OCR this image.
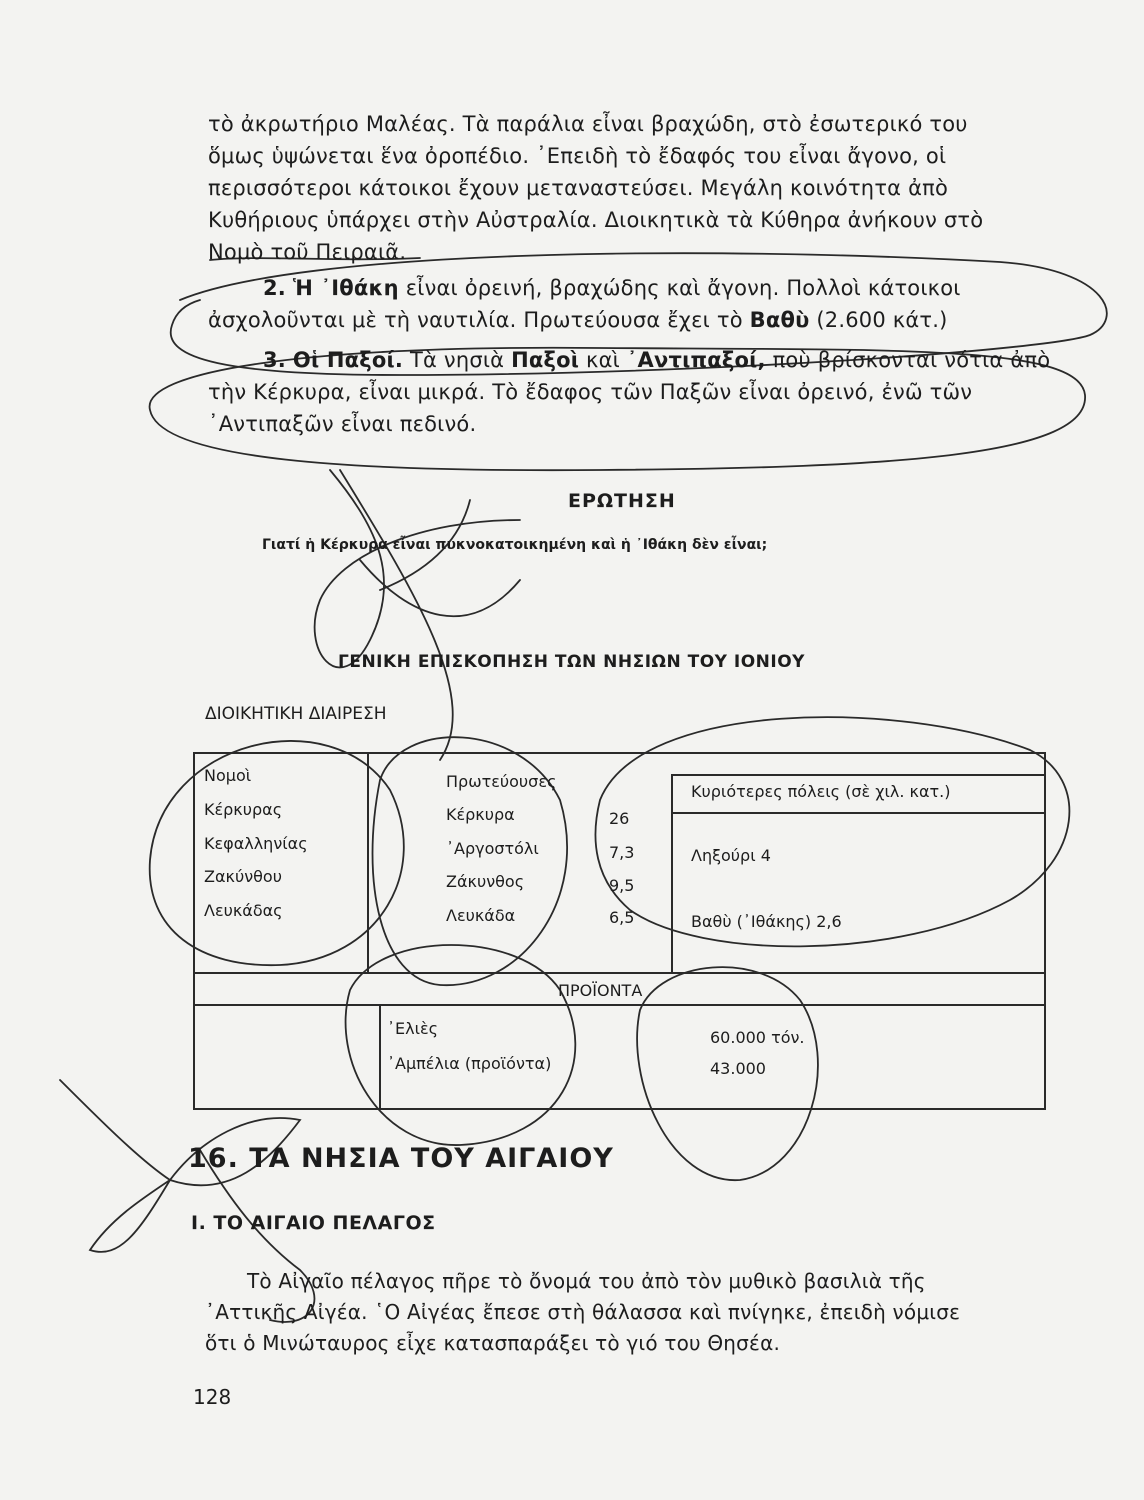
τὸ ἀκρωτήριο Μαλέας. Τὰ παράλια εἶναι βραχώδη, στὸ ἐσωτερικό του
ὅμως ὑψώνεται ἕνα ὀροπέδιο. ᾿Επειδὴ τὸ ἔδαφός του εἶναι ἄγονο, οἱ
περισσότεροι κάτοικοι ἔχουν μεταναστεύσει. Μεγάλη κοινότητα ἀπὸ
Κυθήριους ὑπάρχει στὴν Αὐστραλία. Διοικητικὰ τὰ Κύθηρα ἀνήκουν στὸ
Νομὸ τοῦ Πειραιᾶ.
2. Ἡ ᾿Ιθάκη εἶναι ὀρεινή, βραχώδης καὶ ἄγονη. Πολλοὶ κάτοικοι
ἀσχολοῦνται μὲ τὴ ναυτιλία. Πρωτεύουσα ἔχει τὸ Βαθὺ (2.600 κάτ.)
3. Οἱ Παξοί. Τὰ νησιὰ Παξοὶ καὶ ᾿Αντιπαξοί, ποὺ βρίσκονται νότια ἀπὸ
τὴν Κέρκυρα, εἶναι μικρά. Τὸ ἔδαφος τῶν Παξῶν εἶναι ὀρεινό, ἐνῶ τῶν
᾿Αντιπαξῶν εἶναι πεδινό.
ΕΡΩΤΗΣΗ
Γιατί ἡ Κέρκυρα εἶναι πυκνοκατοικημένη καὶ ἡ ᾿Ιθάκη δὲν εἶναι;
ΓΕΝΙΚΗ ΕΠΙΣΚΟΠΗΣΗ ΤΩΝ ΝΗΣΙΩΝ ΤΟΥ ΙΟΝΙΟΥ
ΔΙΟΙΚΗΤΙΚΗ ΔΙΑΙΡΕΣΗ
Νομοὶ	Πρωτεύουσες
Κυριότερες πόλεις (σὲ χιλ. κατ.)
Κέρκυρας	Κέρκυρα	26
Κεφαλληνίας	᾿Αργοστόλι	7,3	Ληξούρι 4
Ζακύνθου	Ζάκυνθος	9,5
Λευκάδας	Λευκάδα	6,5	Βαθὺ (᾿Ιθάκης) 2,6
ΠΡΟΪΟΝΤΑ
᾿Ελιὲς	60.000 τόν.
᾿Αμπέλια (προϊόντα)	43.000
16. ΤΑ ΝΗΣΙΑ ΤΟΥ ΑΙΓΑΙΟΥ
Ι. ΤΟ ΑΙΓΑΙΟ ΠΕΛΑΓΟΣ
Τὸ Αἰγαῖο πέλαγος πῆρε τὸ ὄνομά του ἀπὸ τὸν μυθικὸ βασιλιὰ τῆς
᾿Αττικῆς Αἰγέα. ῾Ο Αἰγέας ἔπεσε στὴ θάλασσα καὶ πνίγηκε, ἐπειδὴ νόμισε
ὅτι ὁ Μινώταυρος εἶχε κατασπαράξει τὸ γιό του Θησέα.
128
